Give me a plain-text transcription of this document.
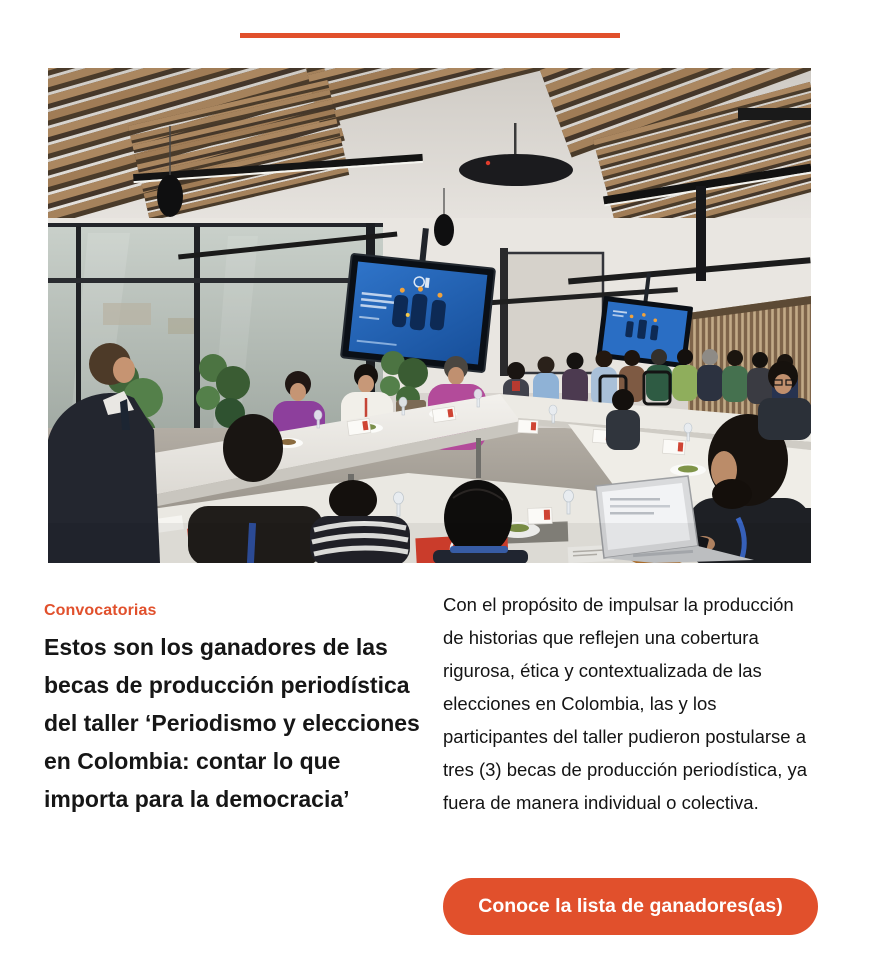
Convocatorias
Estos son los ganadores de las becas de producción periodística del taller ‘Periodismo y elecciones en Colombia: contar lo que importa para la democracia’

Con el propósito de impulsar la producción de historias que reflejen una cobertura rigurosa, ética y contextualizada de las elecciones en Colombia, las y los participantes del taller pudieron postularse a tres (3) becas de producción periodística, ya fuera de manera individual o colectiva.

Conoce la lista de ganadores(as)
